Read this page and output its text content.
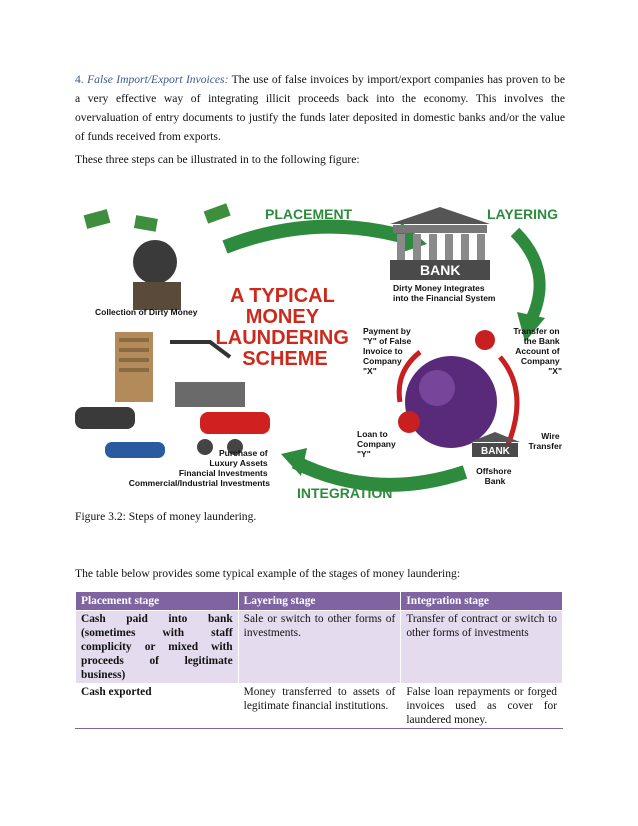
4. False Import/Export Invoices: The use of false invoices by import/export companies has proven to be a very effective way of integrating illicit proceeds back into the economy. This involves the overvaluation of entry documents to justify the funds later deposited in domestic banks and/or the value of funds received from exports.

These three steps can be illustrated in to the following figure:

PLACEMENT	LAYERING
BANK
Dirty Money Integrates into the Financial System
Collection of Dirty Money
A TYPICAL MONEY LAUNDERING SCHEME
Payment by "Y" of False Invoice to Company "X"
Transfer on the Bank Account of Company "X"
Loan to Company "Y"
Wire Transfer
BANK
Offshore Bank
INTEGRATION
Purchase of Luxury Assets Financial Investments Commercial/Industrial Investments
Figure 3.2: Steps of money laundering.
The table below provides some typical example of the stages of money laundering:
Placement stage	Layering stage	Integration stage
Cash paid into bank (sometimes with staff complicity or mixed with proceeds of legitimate business)	Sale or switch to other forms of investments.	Transfer of contract or switch to other forms of investments
Cash exported	Money transferred to assets of legitimate financial institutions.	False loan repayments or forged invoices used as cover for laundered money.
